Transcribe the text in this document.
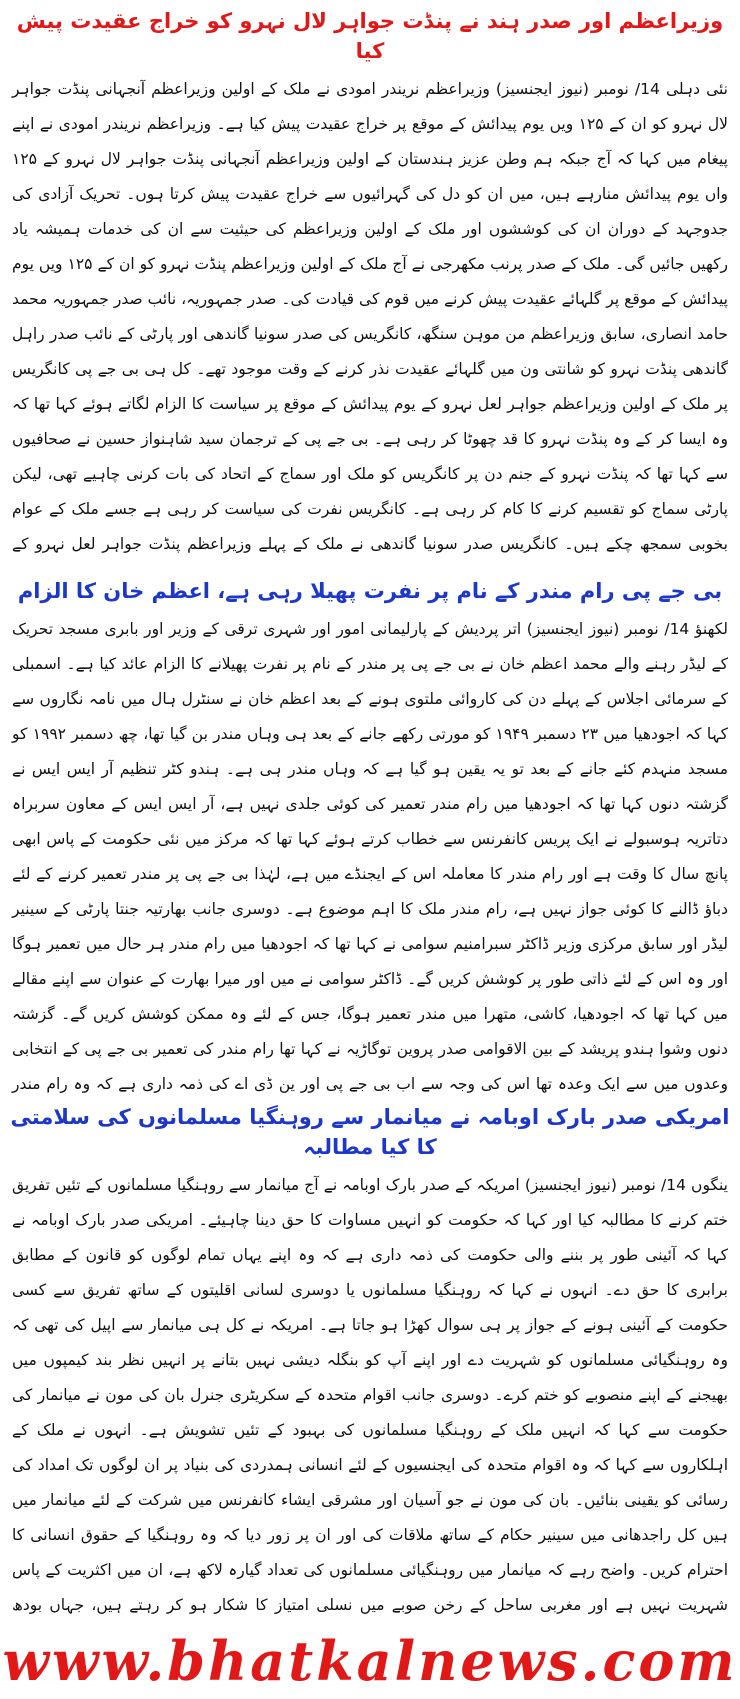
وزیراعظم اور صدر ہند نے پنڈت جواہر لال نہرو کو خراج عقیدت پیش کیا

نئی دہلی 14/ نومبر (نیوز ایجنسیز) وزیراعظم نریندر امودی نے ملک کے اولین وزیراعظم آنجہانی پنڈت جواہر لال نہرو کو ان کے ۱۲۵ ویں یوم پیدائش کے موقع پر خراج عقیدت پیش کیا ہے۔ وزیراعظم نریندر امودی نے اپنے پیغام میں کہا کہ آج جبکہ ہم وطن عزیز ہندستان کے اولین وزیراعظم آنجہانی پنڈت جواہر لال نہرو کے ۱۲۵ واں یوم پیدائش منارہے ہیں، میں ان کو دل کی گہرائیوں سے خراج عقیدت پیش کرتا ہوں۔ تحریک آزادی کی جدوجہد کے دوران ان کی کوششوں اور ملک کے اولین وزیراعظم کی حیثیت سے ان کی خدمات ہمیشہ یاد رکھیں جائیں گی۔ ملک کے صدر پرنب مکھرجی نے آج ملک کے اولین وزیراعظم پنڈت نہرو کو ان کے ۱۲۵ ویں یوم پیدائش کے موقع پر گلہائے عقیدت پیش کرنے میں قوم کی قیادت کی۔ صدر جمہوریہ، نائب صدر جمہوریہ محمد حامد انصاری، سابق وزیراعظم من موہن سنگھ، کانگریس کی صدر سونیا گاندھی اور پارٹی کے نائب صدر راہل گاندھی پنڈت نہرو کو شانتی ون میں گلہائے عقیدت نذر کرنے کے وقت موجود تھے۔ کل ہی بی جے پی کانگریس پر ملک کے اولین وزیراعظم جواہر لعل نہرو کے یوم پیدائش کے موقع پر سیاست کا الزام لگاتے ہوئے کہا تھا کہ وہ ایسا کر کے وہ پنڈت نہرو کا قد چھوٹا کر رہی ہے۔ بی جے پی کے ترجمان سید شاہنواز حسین نے صحافیوں سے کہا تھا کہ پنڈت نہرو کے جنم دن پر کانگریس کو ملک اور سماج کے اتحاد کی بات کرنی چاہیے تھی، لیکن پارٹی سماج کو تقسیم کرنے کا کام کر رہی ہے۔ کانگریس نفرت کی سیاست کر رہی ہے جسے ملک کے عوام بخوبی سمجھ چکے ہیں۔ کانگریس صدر سونیا گاندھی نے ملک کے پہلے وزیراعظم پنڈت جواہر لعل نہرو کے

بی جے پی رام مندر کے نام پر نفرت پھیلا رہی ہے، اعظم خان کا الزام

لکھنؤ 14/ نومبر (نیوز ایجنسیز) اتر پردیش کے پارلیمانی امور اور شہری ترقی کے وزیر اور بابری مسجد تحریک کے لیڈر رہنے والے محمد اعظم خان نے بی جے پی پر مندر کے نام پر نفرت پھیلانے کا الزام عائد کیا ہے۔ اسمبلی کے سرمائی اجلاس کے پہلے دن کی کاروائی ملتوی ہونے کے بعد اعظم خان نے سنٹرل ہال میں نامہ نگاروں سے کہا کہ اجودھیا میں ۲۳ دسمبر ۱۹۴۹ کو مورتی رکھے جانے کے بعد ہی وہاں مندر بن گیا تھا، چھ دسمبر ۱۹۹۲ کو مسجد منہدم کئے جانے کے بعد تو یہ یقین ہو گیا ہے کہ وہاں مندر ہی ہے۔ ہندو کٹر تنظیم آر ایس ایس نے گزشتہ دنوں کہا تھا کہ اجودھیا میں رام مندر تعمیر کی کوئی جلدی نہیں ہے، آر ایس ایس کے معاون سربراہ دتاتریہ ہوسبولے نے ایک پریس کانفرنس سے خطاب کرتے ہوئے کہا تھا کہ مرکز میں نئی حکومت کے پاس ابھی پانچ سال کا وقت ہے اور رام مندر کا معاملہ اس کے ایجنڈے میں ہے، لہٰذا بی جے پی پر مندر تعمیر کرنے کے لئے دباؤ ڈالنے کا کوئی جواز نہیں ہے، رام مندر ملک کا اہم موضوع ہے۔ دوسری جانب بھارتیہ جنتا پارٹی کے سینیر لیڈر اور سابق مرکزی وزیر ڈاکٹر سبرامنیم سوامی نے کہا تھا کہ اجودھیا میں رام مندر ہر حال میں تعمیر ہوگا اور وہ اس کے لئے ذاتی طور پر کوشش کریں گے۔ ڈاکٹر سوامی نے میں اور میرا بھارت کے عنوان سے اپنے مقالے میں کہا تھا کہ اجودھیا، کاشی، متھرا میں مندر تعمیر ہوگا، جس کے لئے وہ ممکن کوشش کریں گے۔ گزشتہ دنوں وشوا ہندو پریشد کے بین الاقوامی صدر پروین توگاڑیہ نے کہا تھا رام مندر کی تعمیر بی جے پی کے انتخابی وعدوں میں سے ایک وعدہ تھا اس کی وجہ سے اب بی جے پی اور ین ڈی اے کی ذمہ داری ہے کہ وہ رام مندر

امریکی صدر بارک اوبامہ نے میانمار سے روہنگیا مسلمانوں کی سلامتی کا کیا مطالبہ

ینگوں 14/ نومبر (نیوز ایجنسیز) امریکہ کے صدر بارک اوبامہ نے آج میانمار سے روہنگیا مسلمانوں کے تئیں تفریق ختم کرنے کا مطالبہ کیا اور کہا کہ حکومت کو انہیں مساوات کا حق دینا چاہیئے۔ امریکی صدر بارک اوبامہ نے کہا کہ آئینی طور پر بننے والی حکومت کی ذمہ داری ہے کہ وہ اپنے یہاں تمام لوگوں کو قانون کے مطابق برابری کا حق دے۔ انہوں نے کہا کہ روہنگیا مسلمانوں یا دوسری لسانی اقلیتوں کے ساتھ تفریق سے کسی حکومت کے آئینی ہونے کے جواز پر ہی سوال کھڑا ہو جاتا ہے۔ امریکہ نے کل ہی میانمار سے اپیل کی تھی کہ وہ روہنگیائی مسلمانوں کو شہریت دے اور اپنے آپ کو بنگلہ دیشی نہیں بتانے پر انہیں نظر بند کیمپوں میں بھیجنے کے اپنے منصوبے کو ختم کرے۔ دوسری جانب اقوام متحدہ کے سکریٹری جنرل بان کی مون نے میانمار کی حکومت سے کہا کہ انہیں ملک کے روہنگیا مسلمانوں کی بہبود کے تئیں تشویش ہے۔ انہوں نے ملک کے اہلکاروں سے کہا کہ وہ اقوام متحدہ کی ایجنسیوں کے لئے انسانی ہمدردی کی بنیاد پر ان لوگوں تک امداد کی رسائی کو یقینی بنائیں۔ بان کی مون نے جو آسیان اور مشرقی ایشاء کانفرنس میں شرکت کے لئے میانمار میں ہیں کل راجدھانی میں سینیر حکام کے ساتھ ملاقات کی اور ان پر زور دیا کہ وہ روہنگیا کے حقوق انسانی کا احترام کریں۔ واضح رہے کہ میانمار میں روہنگیائی مسلمانوں کی تعداد گیارہ لاکھ ہے، ان میں اکثریت کے پاس شہریت نہیں ہے اور مغربی ساحل کے رخن صوبے میں نسلی امتیاز کا شکار ہو کر رہتے ہیں، جہاں بودھ

www.bhatkalnews.com
